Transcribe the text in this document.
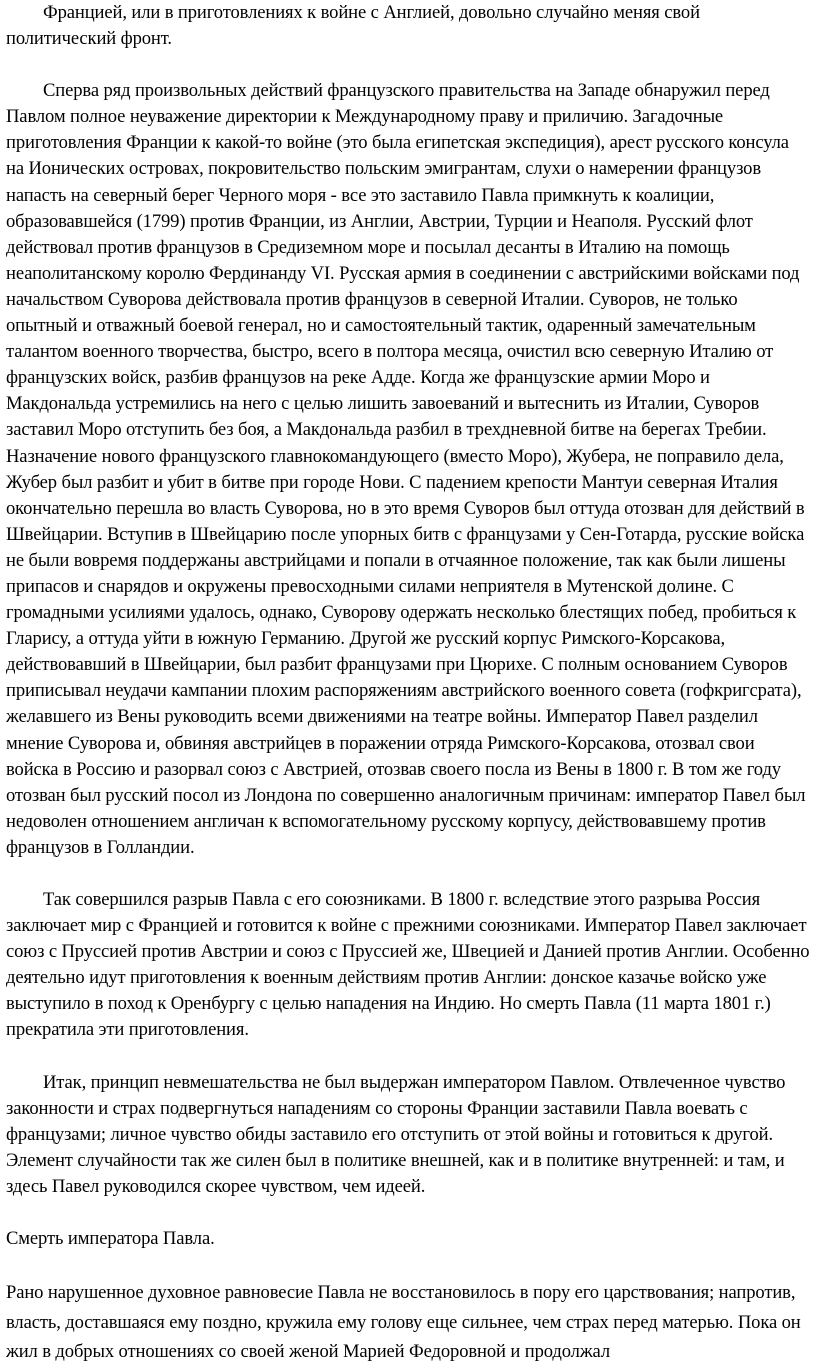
Францией, или в приготовлениях к войне с Англией, довольно случайно меняя свой политический фронт.

Сперва ряд произвольных действий французского правительства на Западе обнаружил перед Павлом полное неуважение директории к Международному праву и приличию. Загадочные приготовления Франции к какой-то войне (это была египетская экспедиция), арест русского консула на Ионических островах, покровительство польским эмигрантам, слухи о намерении французов напасть на северный берег Черного моря - все это заставило Павла примкнуть к коалиции, образовавшейся (1799) против Франции, из Англии, Австрии, Турции и Неаполя. Русский флот действовал против французов в Средиземном море и посылал десанты в Италию на помощь неаполитанскому королю Фердинанду VI. Русская армия в соединении с австрийскими войсками под начальством Суворова действовала против французов в северной Италии. Суворов, не только опытный и отважный боевой генерал, но и самостоятельный тактик, одаренный замечательным талантом военного творчества, быстро, всего в полтора месяца, очистил всю северную Италию от французских войск, разбив французов на реке Адде. Когда же французские армии Моро и Макдональда устремились на него с целью лишить завоеваний и вытеснить из Италии, Суворов заставил Моро отступить без боя, а Макдональда разбил в трехдневной битве на берегах Требии. Назначение нового французского главнокомандующего (вместо Моро), Жубера, не поправило дела, Жубер был разбит и убит в битве при городе Нови. С падением крепости Мантуи северная Италия окончательно перешла во власть Суворова, но в это время Суворов был оттуда отозван для действий в Швейцарии. Вступив в Швейцарию после упорных битв с французами у Сен-Готарда, русские войска не были вовремя поддержаны австрийцами и попали в отчаянное положение, так как были лишены припасов и снарядов и окружены превосходными силами неприятеля в Мутенской долине. С громадными усилиями удалось, однако, Суворову одержать несколько блестящих побед, пробиться к Гларису, а оттуда уйти в южную Германию. Другой же русский корпус Римского-Корсакова, действовавший в Швейцарии, был разбит французами при Цюрихе. С полным основанием Суворов приписывал неудачи кампании плохим распоряжениям австрийского военного совета (гофкригсрата), желавшего из Вены руководить всеми движениями на театре войны. Император Павел разделил мнение Суворова и, обвиняя австрийцев в поражении отряда Римского-Корсакова, отозвал свои войска в Россию и разорвал союз с Австрией, отозвав своего посла из Вены в 1800 г. В том же году отозван был русский посол из Лондона по совершенно аналогичным причинам: император Павел был недоволен отношением англичан к вспомогательному русскому корпусу, действовавшему против французов в Голландии.

Так совершился разрыв Павла с его союзниками. В 1800 г. вследствие этого разрыва Россия заключает мир с Францией и готовится к войне с прежними союзниками. Император Павел заключает союз с Пруссией против Австрии и союз с Пруссией же, Швецией и Данией против Англии. Особенно деятельно идут приготовления к военным действиям против Англии: донское казачье войско уже выступило в поход к Оренбургу с целью нападения на Индию. Но смерть Павла (11 марта 1801 г.) прекратила эти приготовления.

Итак, принцип невмешательства не был выдержан императором Павлом. Отвлеченное чувство законности и страх подвергнуться нападениям со стороны Франции заставили Павла воевать с французами; личное чувство обиды заставило его отступить от этой войны и готовиться к другой. Элемент случайности так же силен был в политике внешней, как и в политике внутренней: и там, и здесь Павел руководился скорее чувством, чем идеей.

Смерть императора Павла.

Рано нарушенное духовное равновесие Павла не восстановилось в пору его царствования; напротив, власть, доставшаяся ему поздно, кружила ему голову еще сильнее, чем страх перед матерью. Пока он жил в добрых отношениях со своей женой Марией Федоровной и продолжал
